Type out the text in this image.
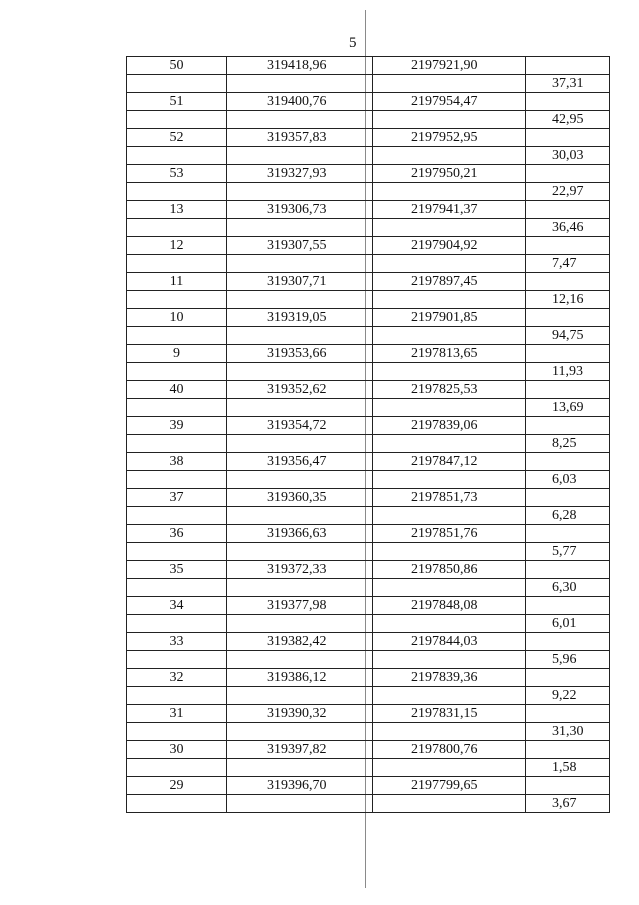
5
50	319418,96	2197921,90	
			37,31
51	319400,76	2197954,47	
			42,95
52	319357,83	2197952,95	
			30,03
53	319327,93	2197950,21	
			22,97
13	319306,73	2197941,37	
			36,46
12	319307,55	2197904,92	
			7,47
11	319307,71	2197897,45	
			12,16
10	319319,05	2197901,85	
			94,75
9	319353,66	2197813,65	
			11,93
40	319352,62	2197825,53	
			13,69
39	319354,72	2197839,06	
			8,25
38	319356,47	2197847,12	
			6,03
37	319360,35	2197851,73	
			6,28
36	319366,63	2197851,76	
			5,77
35	319372,33	2197850,86	
			6,30
34	319377,98	2197848,08	
			6,01
33	319382,42	2197844,03	
			5,96
32	319386,12	2197839,36	
			9,22
31	319390,32	2197831,15	
			31,30
30	319397,82	2197800,76	
			1,58
29	319396,70	2197799,65	
			3,67
